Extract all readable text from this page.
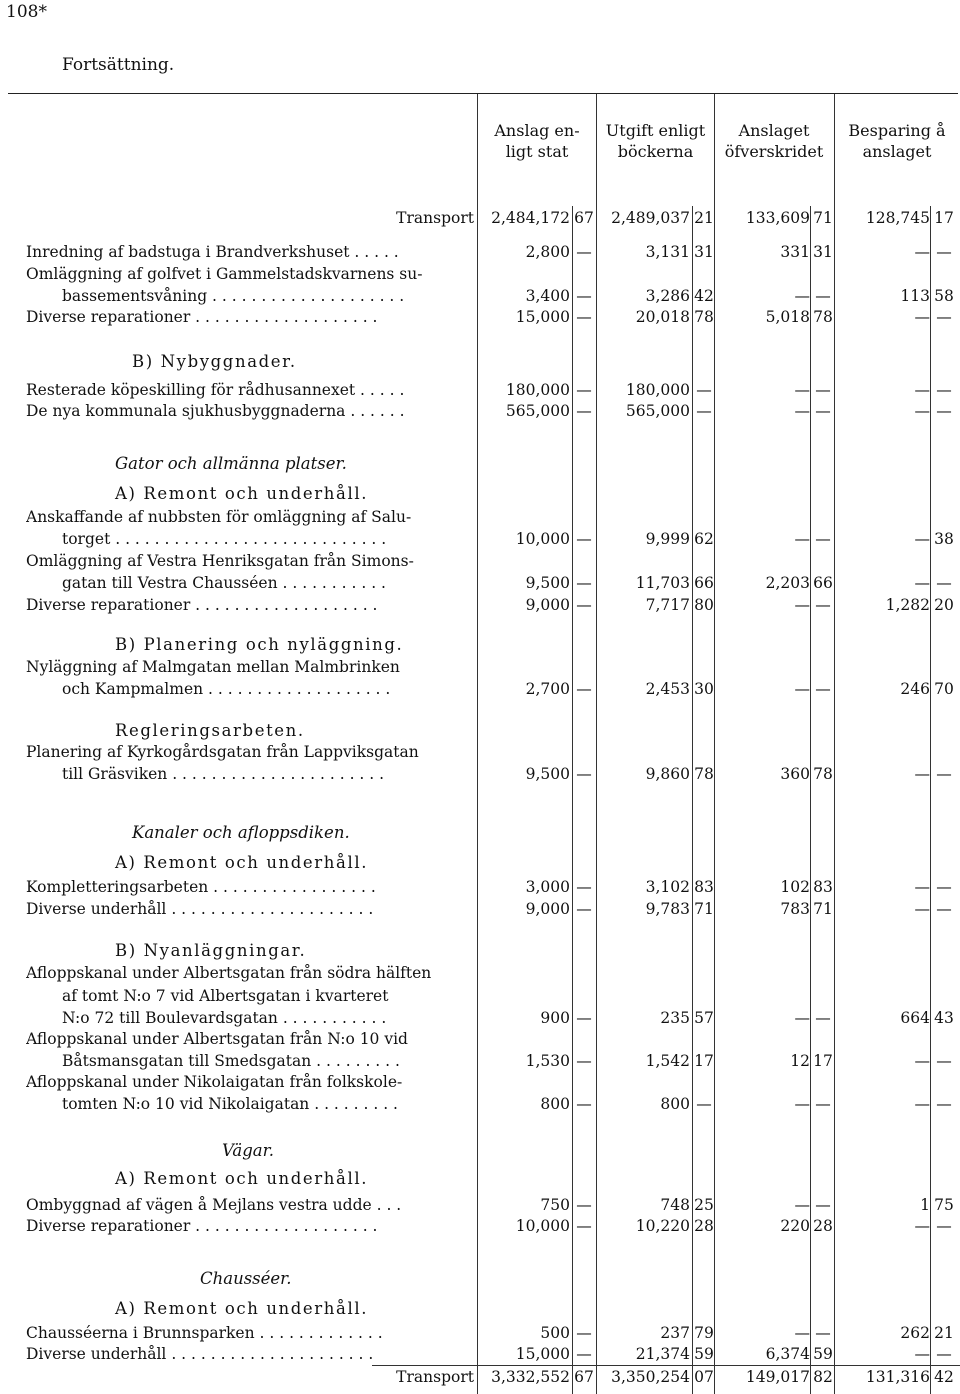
108*
Fortsättning.
Anslag en-
ligt stat
Utgift enligt
böckerna
Anslaget
öfverskridet
Besparing å
anslaget
Transport	2,484,172 67	2,489,037 21	133,609 71	128,745 17
Inredning af badstuga i Brandverkshuset . . . . .	2,800 —	3,131 31	331 31	— —
Omläggning af golfvet i Gammelstadskvarnens su-
bassementsvåning . . . . . . . . . . . . . . . . . . . .	3,400 —	3,286 42	— —	113 58
Diverse reparationer . . . . . . . . . . . . . . . . . . .	15,000 —	20,018 78	5,018 78	— —
B) Nybyggnader.
Resterade köpeskilling för rådhusannexet . . . . .	180,000 —	180,000 —	— —	— —
De nya kommunala sjukhusbyggnaderna . . . . . .	565,000 —	565,000 —	— —	— —
Gator och allmänna platser.
A) Remont och underhåll.
Anskaffande af nubbsten för omläggning af Salu-
torget . . . . . . . . . . . . . . . . . . . . . . . . . . . .	10,000 —	9,999 62	— —	— 38
Omläggning af Vestra Henriksgatan från Simons-
gatan till Vestra Chausséen . . . . . . . . . . .	9,500 —	11,703 66	2,203 66	— —
Diverse reparationer . . . . . . . . . . . . . . . . . . .	9,000 —	7,717 80	— —	1,282 20
B) Planering och nyläggning.
Nyläggning af Malmgatan mellan Malmbrinken
och Kampmalmen . . . . . . . . . . . . . . . . . . .	2,700 —	2,453 30	— —	246 70
Regleringsarbeten.
Planering af Kyrkogårdsgatan från Lappviksgatan
till Gräsviken . . . . . . . . . . . . . . . . . . . . . .	9,500 —	9,860 78	360 78	— —
Kanaler och afloppsdiken.
A) Remont och underhåll.
Kompletteringsarbeten . . . . . . . . . . . . . . . . .	3,000 —	3,102 83	102 83	— —
Diverse underhåll . . . . . . . . . . . . . . . . . . . . .	9,000 —	9,783 71	783 71	— —
B) Nyanläggningar.
Afloppskanal under Albertsgatan från södra hälften
af tomt N:o 7 vid Albertsgatan i kvarteret
N:o 72 till Boulevardsgatan . . . . . . . . . . .	900 —	235 57	— —	664 43
Afloppskanal under Albertsgatan från N:o 10 vid
Båtsmansgatan till Smedsgatan . . . . . . . . .	1,530 —	1,542 17	12 17	— —
Afloppskanal under Nikolaigatan från folkskole-
tomten N:o 10 vid Nikolaigatan . . . . . . . . .	800 —	800 —	— —	— —
Vägar.
A) Remont och underhåll.
Ombyggnad af vägen å Mejlans vestra udde . . .	750 —	748 25	— —	1 75
Diverse reparationer . . . . . . . . . . . . . . . . . . .	10,000 —	10,220 28	220 28	— —
Chausséer.
A) Remont och underhåll.
Chausséerna i Brunnsparken . . . . . . . . . . . . .	500 —	237 79	— —	262 21
Diverse underhåll . . . . . . . . . . . . . . . . . . . . .	15,000 —	21,374 59	6,374 59	— —
Transport	3,332,552 67	3,350,254 07	149,017 82	131,316 42
